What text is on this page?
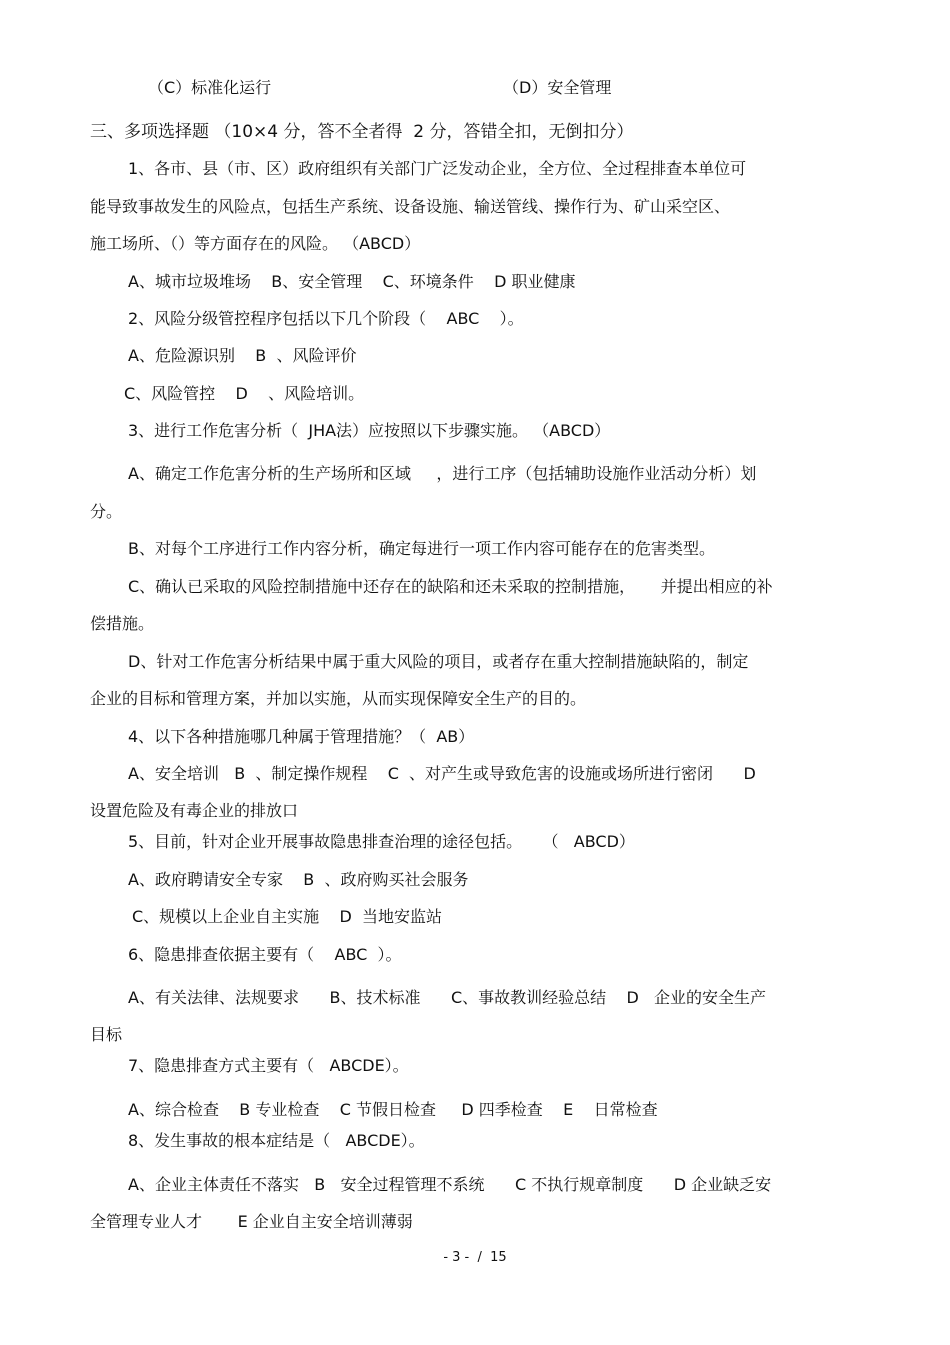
（C）标准化运行	（D）安全管理
三、多项选择题 （10×4 分，答不全者得  2 分，答错全扣，无倒扣分）
1、各市、县（市、区）政府组织有关部门广泛发动企业，全方位、全过程排查本单位可
能导致事故发生的风险点，包括生产系统、设备设施、输送管线、操作行为、矿山采空区、
施工场所、（）等方面存在的风险。 （ABCD）
A、城市垃圾堆场    B、安全管理    C、环境条件    D 职业健康
2、风险分级管控程序包括以下几个阶段（    ABC    ）。
A、危险源识别    B  、风险评价
C、风险管控    D    、风险培训。
3、进行工作危害分析（  JHA法）应按照以下步骤实施。 （ABCD）
A、确定工作危害分析的生产场所和区域     ，进行工序（包括辅助设施作业活动分析）划
分。
B、对每个工序进行工作内容分析，确定每进行一项工作内容可能存在的危害类型。
C、确认已采取的风险控制措施中还存在的缺陷和还未采取的控制措施，     并提出相应的补
偿措施。
D、针对工作危害分析结果中属于重大风险的项目，或者存在重大控制措施缺陷的，制定
企业的目标和管理方案，并加以实施，从而实现保障安全生产的目的。
4、以下各种措施哪几种属于管理措施？（  AB）
A、安全培训   B  、制定操作规程    C  、对产生或导致危害的设施或场所进行密闭      D
设置危险及有毒企业的排放口
5、目前，针对企业开展事故隐患排查治理的途径包括。    （   ABCD）
A、政府聘请安全专家    B  、政府购买社会服务
C、规模以上企业自主实施    D  当地安监站
6、隐患排查依据主要有（    ABC  ）。
A、有关法律、法规要求      B、技术标准      C、事故教训经验总结    D   企业的安全生产
目标
7、隐患排查方式主要有（   ABCDE）。
A、综合检查    B 专业检查    C 节假日检查     D 四季检查    E    日常检查
8、发生事故的根本症结是（   ABCDE）。
A、企业主体责任不落实   B   安全过程管理不系统      C 不执行规章制度      D 企业缺乏安
全管理专业人才       E 企业自主安全培训薄弱
- 3 -  /  15
